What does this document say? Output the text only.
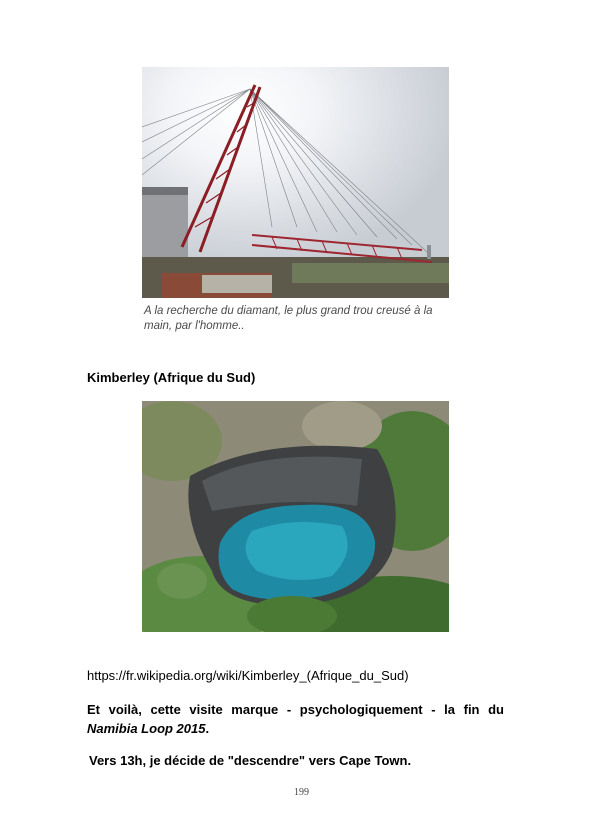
A la recherche du diamant, le plus grand trou creusé à la main, par l'homme..
Kimberley (Afrique du Sud)
https://fr.wikipedia.org/wiki/Kimberley_(Afrique_du_Sud)
Et voilà, cette visite marque - psychologiquement - la fin du Namibia Loop 2015.
Vers 13h, je décide de "descendre" vers Cape Town.
199
